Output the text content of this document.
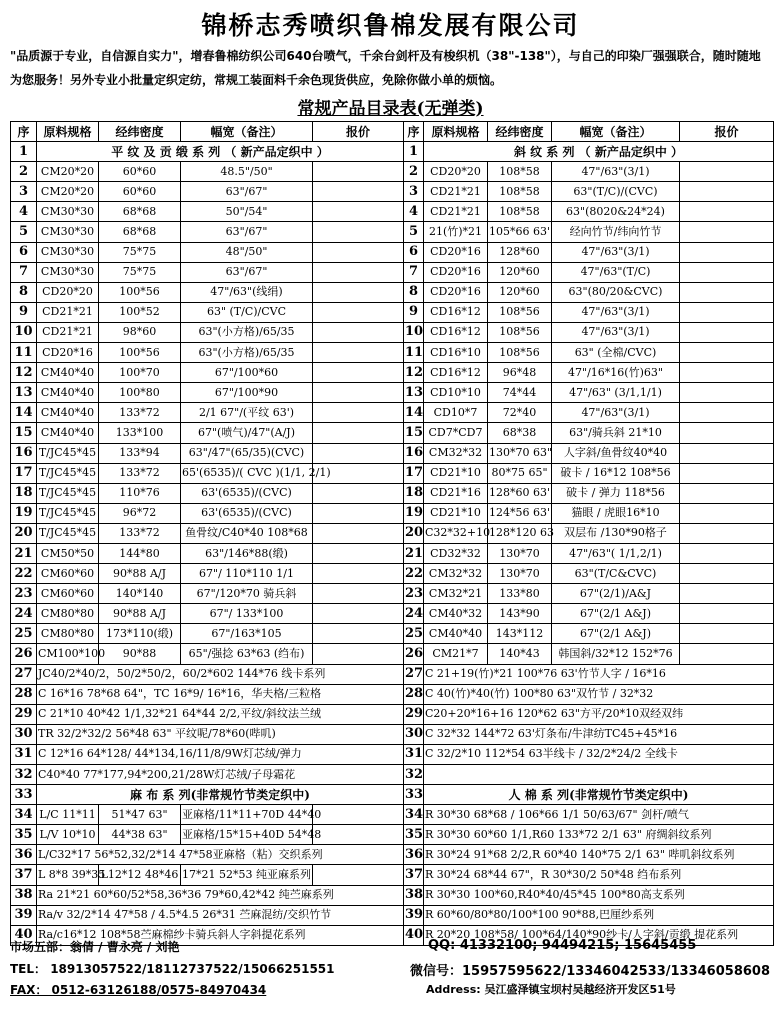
锦桥志秀喷织鲁棉发展有限公司
"品质源于专业，自信源自实力"，增春鲁棉纺织公司640台喷气，千余台剑杆及有梭织机（38"-138"），与自己的印染厂强强联合，随时随地为您服务！另外专业小批量定织定纺，常规工装面料千余色现货供应，免除你做小单的烦恼。
常规产品目录表(无弹类)
序	原料规格	经纬密度	幅宽（备注）	报价	序	原料规格	经纬密度	幅宽（备注）	报价
1	平 纹 及 贡 缎 系 列 （ 新产品定织中 ）				1	斜 纹 系 列 （ 新产品定织中 ）			
2	CM20*20	60*60	48.5"/50"		2	CD20*20	108*58	47"/63"(3/1)	
3	CM20*20	60*60	63"/67"		3	CD21*21	108*58	63"(T/C)/(CVC)	
4	CM30*30	68*68	50"/54"		4	CD21*21	108*58	63"(8020&24*24)	
5	CM30*30	68*68	63"/67"		5	21(竹)*21	105*66 63'	经向竹节/纬向竹节	
6	CM30*30	75*75	48"/50"		6	CD20*16	128*60	47"/63"(3/1)	
7	CM30*30	75*75	63"/67"		7	CD20*16	120*60	47"/63"(T/C)	
8	CD20*20	100*56	47"/63"(线绢)		8	CD20*16	120*60	63"(80/20&CVC)	
9	CD21*21	100*52	63" (T/C)/CVC		9	CD16*12	108*56	47"/63"(3/1)	
10	CD21*21	98*60	63"(小方格)/65/35		10	CD16*12	108*56	47"/63"(3/1)	
11	CD20*16	100*56	63"(小方格)/65/35		11	CD16*10	108*56	63" (全棉/CVC)	
12	CM40*40	100*70	67"/100*60		12	CD16*12	96*48	47"/16*16(竹)63"	
13	CM40*40	100*80	67"/100*90		13	CD10*10	74*44	47"/63" (3/1,1/1)	
14	CM40*40	133*72	2/1 67"/(平纹 63')		14	CD10*7	72*40	47"/63"(3/1)	
15	CM40*40	133*100	67"(喷气)/47"(A/J)		15	CD7*CD7	68*38	63"/骑兵斜 21*10	
16	T/JC45*45	133*94	63"/47"(65/35)(CVC)		16	CM32*32	130*70 63"	人字斜/鱼骨纹40*40	
17	T/JC45*45	133*72	65'(6535)/( CVC )(1/1, 2/1)		17	CD21*10	80*75 65"	破卡 / 16*12 108*56	
18	T/JC45*45	110*76	63'(6535)/(CVC)		18	CD21*16	128*60 63'	破卡 / 弹力 118*56	
19	T/JC45*45	96*72	63'(6535)/(CVC)		19	CD21*10	124*56 63'	猫眼 / 虎眼16*10	
20	T/JC45*45	133*72	鱼骨纹/C40*40 108*68		20	C32*32+10	128*120 63	双层布 /130*90格子	
21	CM50*50	144*80	63"/146*88(缎)		21	CD32*32	130*70	47"/63"( 1/1,2/1)	
22	CM60*60	90*88 A/J	67"/ 110*110 1/1		22	CM32*32	130*70	63"(T/C&CVC)	
23	CM60*60	140*140	67"/120*70 骑兵斜		23	CM32*21	133*80	67"(2/1)/A&J	
24	CM80*80	90*88 A/J	67"/ 133*100		24	CM40*32	143*90	67"(2/1 A&J)	
25	CM80*80	173*110(缎)	67"/163*105		25	CM40*40	143*112	67"(2/1 A&J)	
26	CM100*100	90*88	65"/强捻 63*63 (绉布)		26	CM21*7	140*43	韩国斜/32*12 152*76	
27	JC40/2*40/2，50/2*50/2，60/2*602 144*76 线卡系列				27	C 21+19(竹)*21 100*76 63'竹节人字 / 16*16			
28	C 16*16 78*68 64"，TC 16*9/ 16*16，华夫格/三粒格				28	C 40(竹)*40(竹) 100*80 63"双竹节 / 32*32			
29	C 21*10 40*42 1/1,32*21 64*44 2/2,平纹/斜纹法兰绒				29	C20+20*16+16 120*62 63"方平/20*10双经双纬			
30	TR 32/2*32/2 56*48 63" 平纹呢/78*60(哔叽)				30	C 32*32 144*72 63'灯条布/牛津纺TC45+45*16			
31	C 12*16 64*128/ 44*134,16/11/8/9W灯芯绒/弹力				31	C 32/2*10 112*54 63半线卡 / 32/2*24/2 全线卡			
32	C40*40 77*177,94*200,21/28W灯芯绒/子母霜花				32				
33	麻 布 系 列(非常规竹节类定织中)				33	人 棉 系 列(非常规竹节类定织中)			
34	L/C 11*11	51*47 63"	亚麻格/11*11+70D 44*40		34	R 30*30 68*68 / 106*66 1/1 50/63/67" 剑杆/喷气			
35	L/V 10*10	44*38 63"	亚麻格/15*15+40D 54*48		35	R 30*30 60*60 1/1,R60 133*72 2/1 63" 府绸斜纹系列			
36	L/C32*17 56*52,32/2*14 47*58亚麻格（粘）交织系列				36	R 30*24 91*68 2/2,R 60*40 140*75 2/1 63" 哔叽斜纹系列			
37	L 8*8 39*35	L12*12 48*46	17*21 52*53 纯亚麻系列		37	R 30*24 68*44 67"，R 30*30/2 50*48 绉布系列			
38	Ra 21*21 60*60/52*58,36*36 79*60,42*42 纯苎麻系列				38	R 30*30 100*60,R40*40/45*45 100*80高支系列			
39	Ra/v 32/2*14 47*58 / 4.5*4.5 26*31 苎麻混纺/交织竹节				39	R 60*60/80*80/100*100 90*88,巴厘纱系列			
40	Ra/c16*12 108*58苎麻棉纱卡骑兵斜人字斜提花系列				40	R 20*20 108*58/ 100*64/140*90纱卡/人字斜/贡缎 提花系列			
市场五部：翁倩 / 曹永亮 / 刘艳	QQ: 41332100; 94494215; 15645455
TEL： 18913057522/18112737522/15066251551	微信号：15957595622/13346042533/13346058608
FAX： 0512-63126188/0575-84970434	Address: 吴江盛泽镇宝坝村吴越经济开发区51号
